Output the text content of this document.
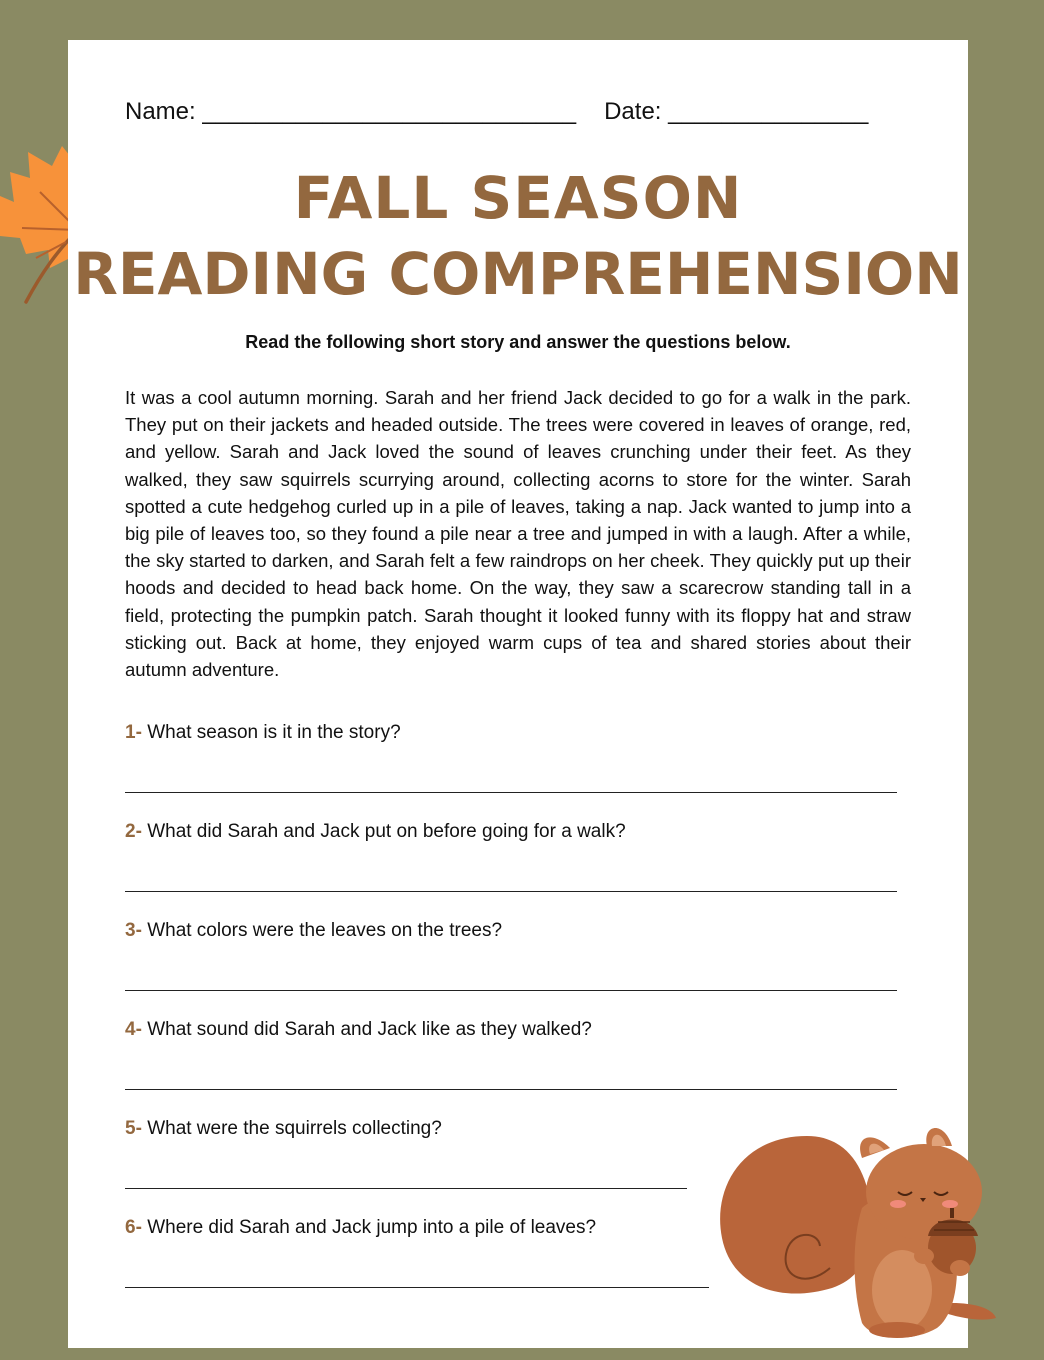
Name: ____________________________ Date: _______________
FALL SEASON
READING COMPREHENSION
Read the following short story and answer the questions below.

It was a cool autumn morning. Sarah and her friend Jack decided to go for a walk in the park. They put on their jackets and headed outside. The trees were covered in leaves of orange, red, and yellow. Sarah and Jack loved the sound of leaves crunching under their feet. As they walked, they saw squirrels scurrying around, collecting acorns to store for the winter. Sarah spotted a cute hedgehog curled up in a pile of leaves, taking a nap. Jack wanted to jump into a big pile of leaves too, so they found a pile near a tree and jumped in with a laugh. After a while, the sky started to darken, and Sarah felt a few raindrops on her cheek. They quickly put up their hoods and decided to head back home. On the way, they saw a scarecrow standing tall in a field, protecting the pumpkin patch. Sarah thought it looked funny with its floppy hat and straw sticking out. Back at home, they enjoyed warm cups of tea and shared stories about their autumn adventure.

1- What season is it in the story?
2- What did Sarah and Jack put on before going for a walk?
3- What colors were the leaves on the trees?
4- What sound did Sarah and Jack like as they walked?
5- What were the squirrels collecting?
6- Where did Sarah and Jack jump into a pile of leaves?
